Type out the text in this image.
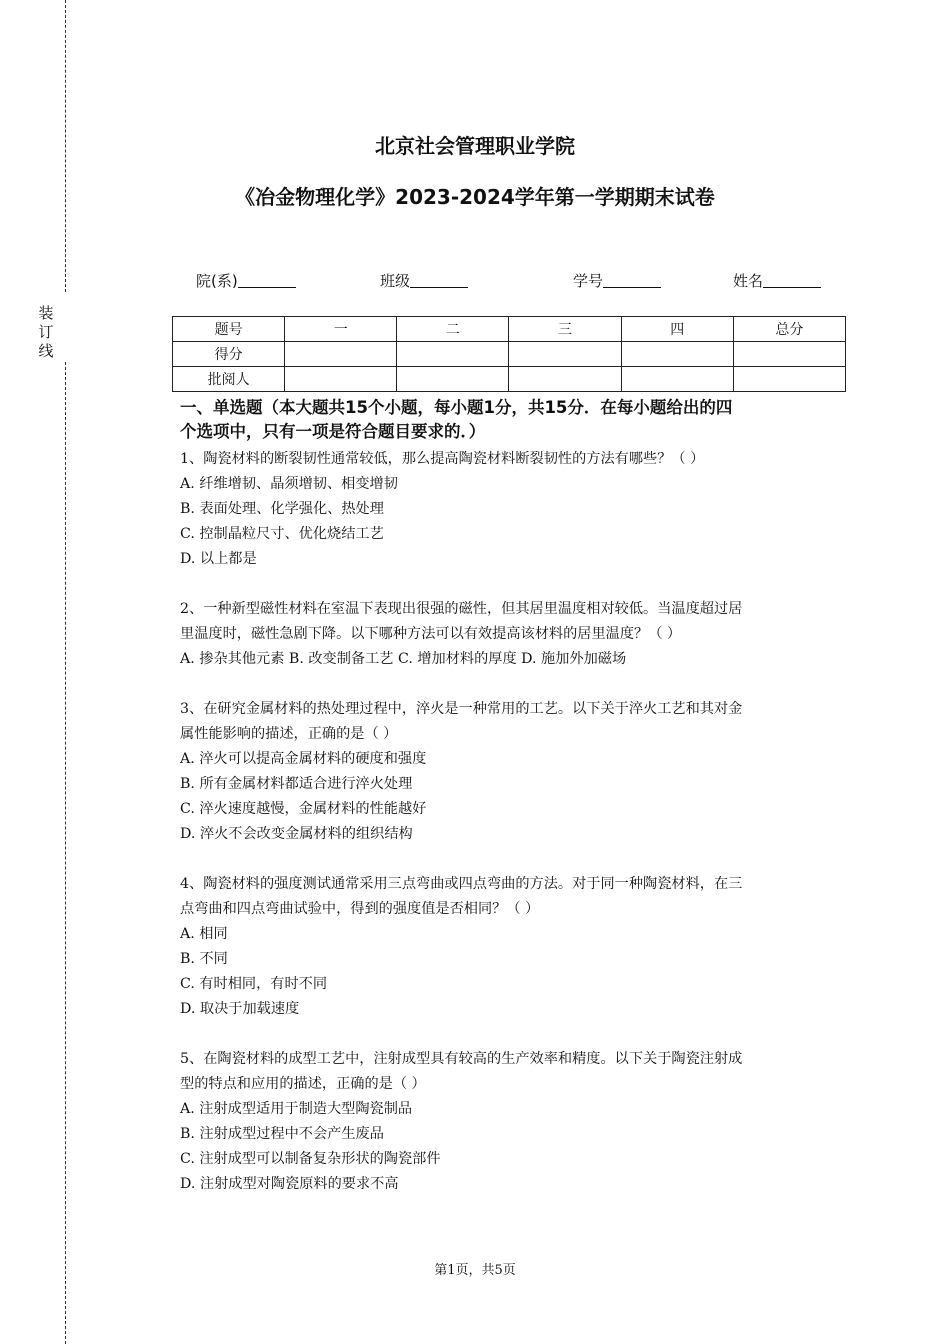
装
订
线
北京社会管理职业学院
《冶金物理化学》2023-2024学年第一学期期末试卷
院(系)	班级	学号	姓名
题号	一	二	三	四	总分
得分					
批阅人					
一、单选题（本大题共15个小题，每小题1分，共15分．在每小题给出的四
个选项中，只有一项是符合题目要求的．）

1、陶瓷材料的断裂韧性通常较低，那么提高陶瓷材料断裂韧性的方法有哪些？（ ）

A. 纤维增韧、晶须增韧、相变增韧

B. 表面处理、化学强化、热处理

C. 控制晶粒尺寸、优化烧结工艺

D. 以上都是

2、一种新型磁性材料在室温下表现出很强的磁性，但其居里温度相对较低。当温度超过居

里温度时，磁性急剧下降。以下哪种方法可以有效提高该材料的居里温度？（ ）

A. 掺杂其他元素 B. 改变制备工艺 C. 增加材料的厚度 D. 施加外加磁场

3、在研究金属材料的热处理过程中，淬火是一种常用的工艺。以下关于淬火工艺和其对金

属性能影响的描述，正确的是（ ）

A. 淬火可以提高金属材料的硬度和强度

B. 所有金属材料都适合进行淬火处理

C. 淬火速度越慢，金属材料的性能越好

D. 淬火不会改变金属材料的组织结构

4、陶瓷材料的强度测试通常采用三点弯曲或四点弯曲的方法。对于同一种陶瓷材料，在三

点弯曲和四点弯曲试验中，得到的强度值是否相同？（ ）

A. 相同

B. 不同

C. 有时相同，有时不同

D. 取决于加载速度

5、在陶瓷材料的成型工艺中，注射成型具有较高的生产效率和精度。以下关于陶瓷注射成

型的特点和应用的描述，正确的是（ ）

A. 注射成型适用于制造大型陶瓷制品

B. 注射成型过程中不会产生废品

C. 注射成型可以制备复杂形状的陶瓷部件

D. 注射成型对陶瓷原料的要求不高

第1页，共5页
